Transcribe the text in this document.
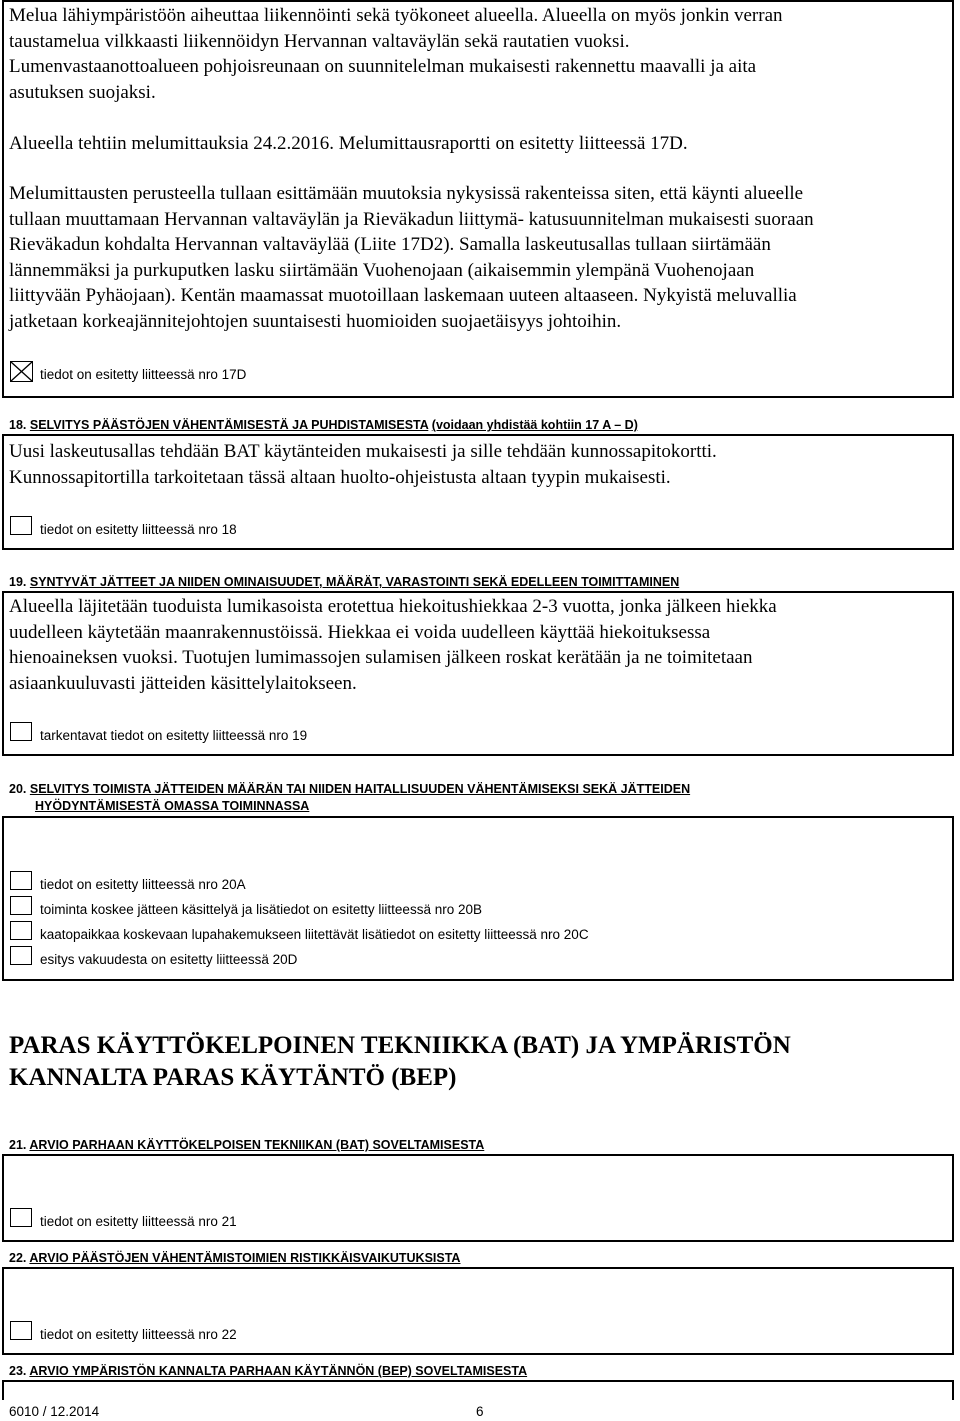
Melua lähiympäristöön aiheuttaa liikennöinti sekä työkoneet alueella. Alueella on myös jonkin verran
taustamelua vilkkaasti liikennöidyn Hervannan valtaväylän sekä rautatien vuoksi.
Lumenvastaanottoalueen pohjoisreunaan on suunnitelelman mukaisesti rakennettu maavalli ja aita
asutuksen suojaksi.
Alueella tehtiin melumittauksia 24.2.2016. Melumittausraportti on esitetty liitteessä 17D.
Melumittausten perusteella tullaan esittämään muutoksia nykysissä rakenteissa siten, että käynti alueelle
tullaan muuttamaan Hervannan valtaväylän ja Rieväkadun liittymä- katusuunnitelman mukaisesti suoraan
Rieväkadun kohdalta Hervannan valtaväylää (Liite 17D2). Samalla laskeutusallas tullaan siirtämään
lännemmäksi ja purkuputken lasku siirtämään Vuohenojaan (aikaisemmin ylempänä Vuohenojaan
liittyvään Pyhäojaan). Kentän maamassat muotoillaan laskemaan uuteen altaaseen. Nykyistä meluvallia
jatketaan korkeajännitejohtojen suuntaisesti huomioiden suojaetäisyys johtoihin.
tiedot on esitetty liitteessä nro 17D
18. SELVITYS PÄÄSTÖJEN VÄHENTÄMISESTÄ JA PUHDISTAMISESTA (voidaan yhdistää kohtiin 17 A – D)
Uusi laskeutusallas tehdään BAT käytänteiden mukaisesti ja sille tehdään kunnossapitokortti.
Kunnossapitortilla tarkoitetaan tässä altaan huolto-ohjeistusta altaan tyypin mukaisesti.
tiedot on esitetty liitteessä nro 18
19. SYNTYVÄT JÄTTEET JA NIIDEN OMINAISUUDET, MÄÄRÄT, VARASTOINTI SEKÄ EDELLEEN TOIMITTAMINEN
Alueella läjitetään tuoduista lumikasoista erotettua hiekoitushiekkaa 2-3 vuotta, jonka jälkeen hiekka
uudelleen käytetään maanrakennustöissä. Hiekkaa ei voida uudelleen käyttää hiekoituksessa
hienoaineksen vuoksi. Tuotujen lumimassojen sulamisen jälkeen roskat kerätään ja ne toimitetaan
asiaankuuluvasti jätteiden käsittelylaitokseen.
tarkentavat tiedot on esitetty liitteessä nro 19
20. SELVITYS TOIMISTA JÄTTEIDEN MÄÄRÄN TAI NIIDEN HAITALLISUUDEN VÄHENTÄMISEKSI SEKÄ JÄTTEIDEN
HYÖDYNTÄMISESTÄ OMASSA TOIMINNASSA
tiedot on esitetty liitteessä nro 20A
toiminta koskee jätteen käsittelyä ja lisätiedot on esitetty liitteessä nro 20B
kaatopaikkaa koskevaan lupahakemukseen liitettävät lisätiedot on esitetty liitteessä nro 20C
esitys vakuudesta on esitetty liitteessä 20D
PARAS KÄYTTÖKELPOINEN TEKNIIKKA (BAT) JA YMPÄRISTÖN
KANNALTA PARAS KÄYTÄNTÖ (BEP)
21. ARVIO PARHAAN KÄYTTÖKELPOISEN TEKNIIKAN (BAT) SOVELTAMISESTA
tiedot on esitetty liitteessä nro 21
22. ARVIO PÄÄSTÖJEN VÄHENTÄMISTOIMIEN RISTIKKÄISVAIKUTUKSISTA
tiedot on esitetty liitteessä nro 22
23. ARVIO YMPÄRISTÖN KANNALTA PARHAAN KÄYTÄNNÖN (BEP) SOVELTAMISESTA
6010 / 12.2014	6
